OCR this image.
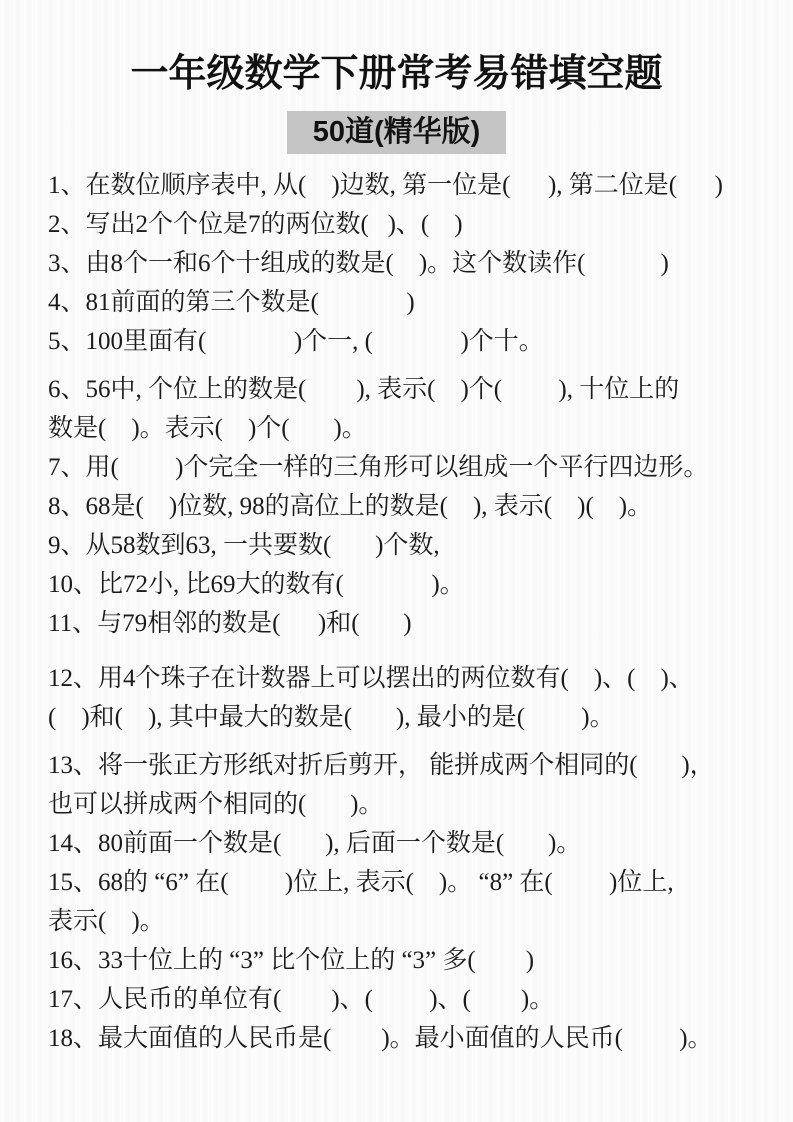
一年级数学下册常考易错填空题
50道(精华版)

1、在数位顺序表中, 从(    )边数, 第一位是(      ), 第二位是(      )

2、写出2个个位是7的两位数(   )、(    )

3、由8个一和6个十组成的数是(    )。这个数读作(            )

4、81前面的第三个数是(              )

5、100里面有(              )个一, (              )个十。

6、56中, 个位上的数是(        ), 表示(    )个(         ), 十位上的

数是(    )。表示(    )个(       )。

7、用(         )个完全一样的三角形可以组成一个平行四边形。

8、68是(    )位数, 98的高位上的数是(    ), 表示(    )(    )。

9、从58数到63, 一共要数(       )个数,

10、比72小, 比69大的数有(              )。

11、与79相邻的数是(      )和(       )

12、用4个珠子在计数器上可以摆出的两位数有(    )、(    )、

(    )和(    ), 其中最大的数是(       ), 最小的是(         )。

13、将一张正方形纸对折后剪开， 能拼成两个相同的(       )，

也可以拼成两个相同的(       )。

14、80前面一个数是(       ), 后面一个数是(       )。

15、68的 “6” 在(         )位上, 表示(    )。 “8” 在(         )位上,

表示(    )。

16、33十位上的 “3” 比个位上的 “3” 多(        )

17、人民币的单位有(        )、(         )、(        )。

18、最大面值的人民币是(        )。最小面值的人民币(         )。
